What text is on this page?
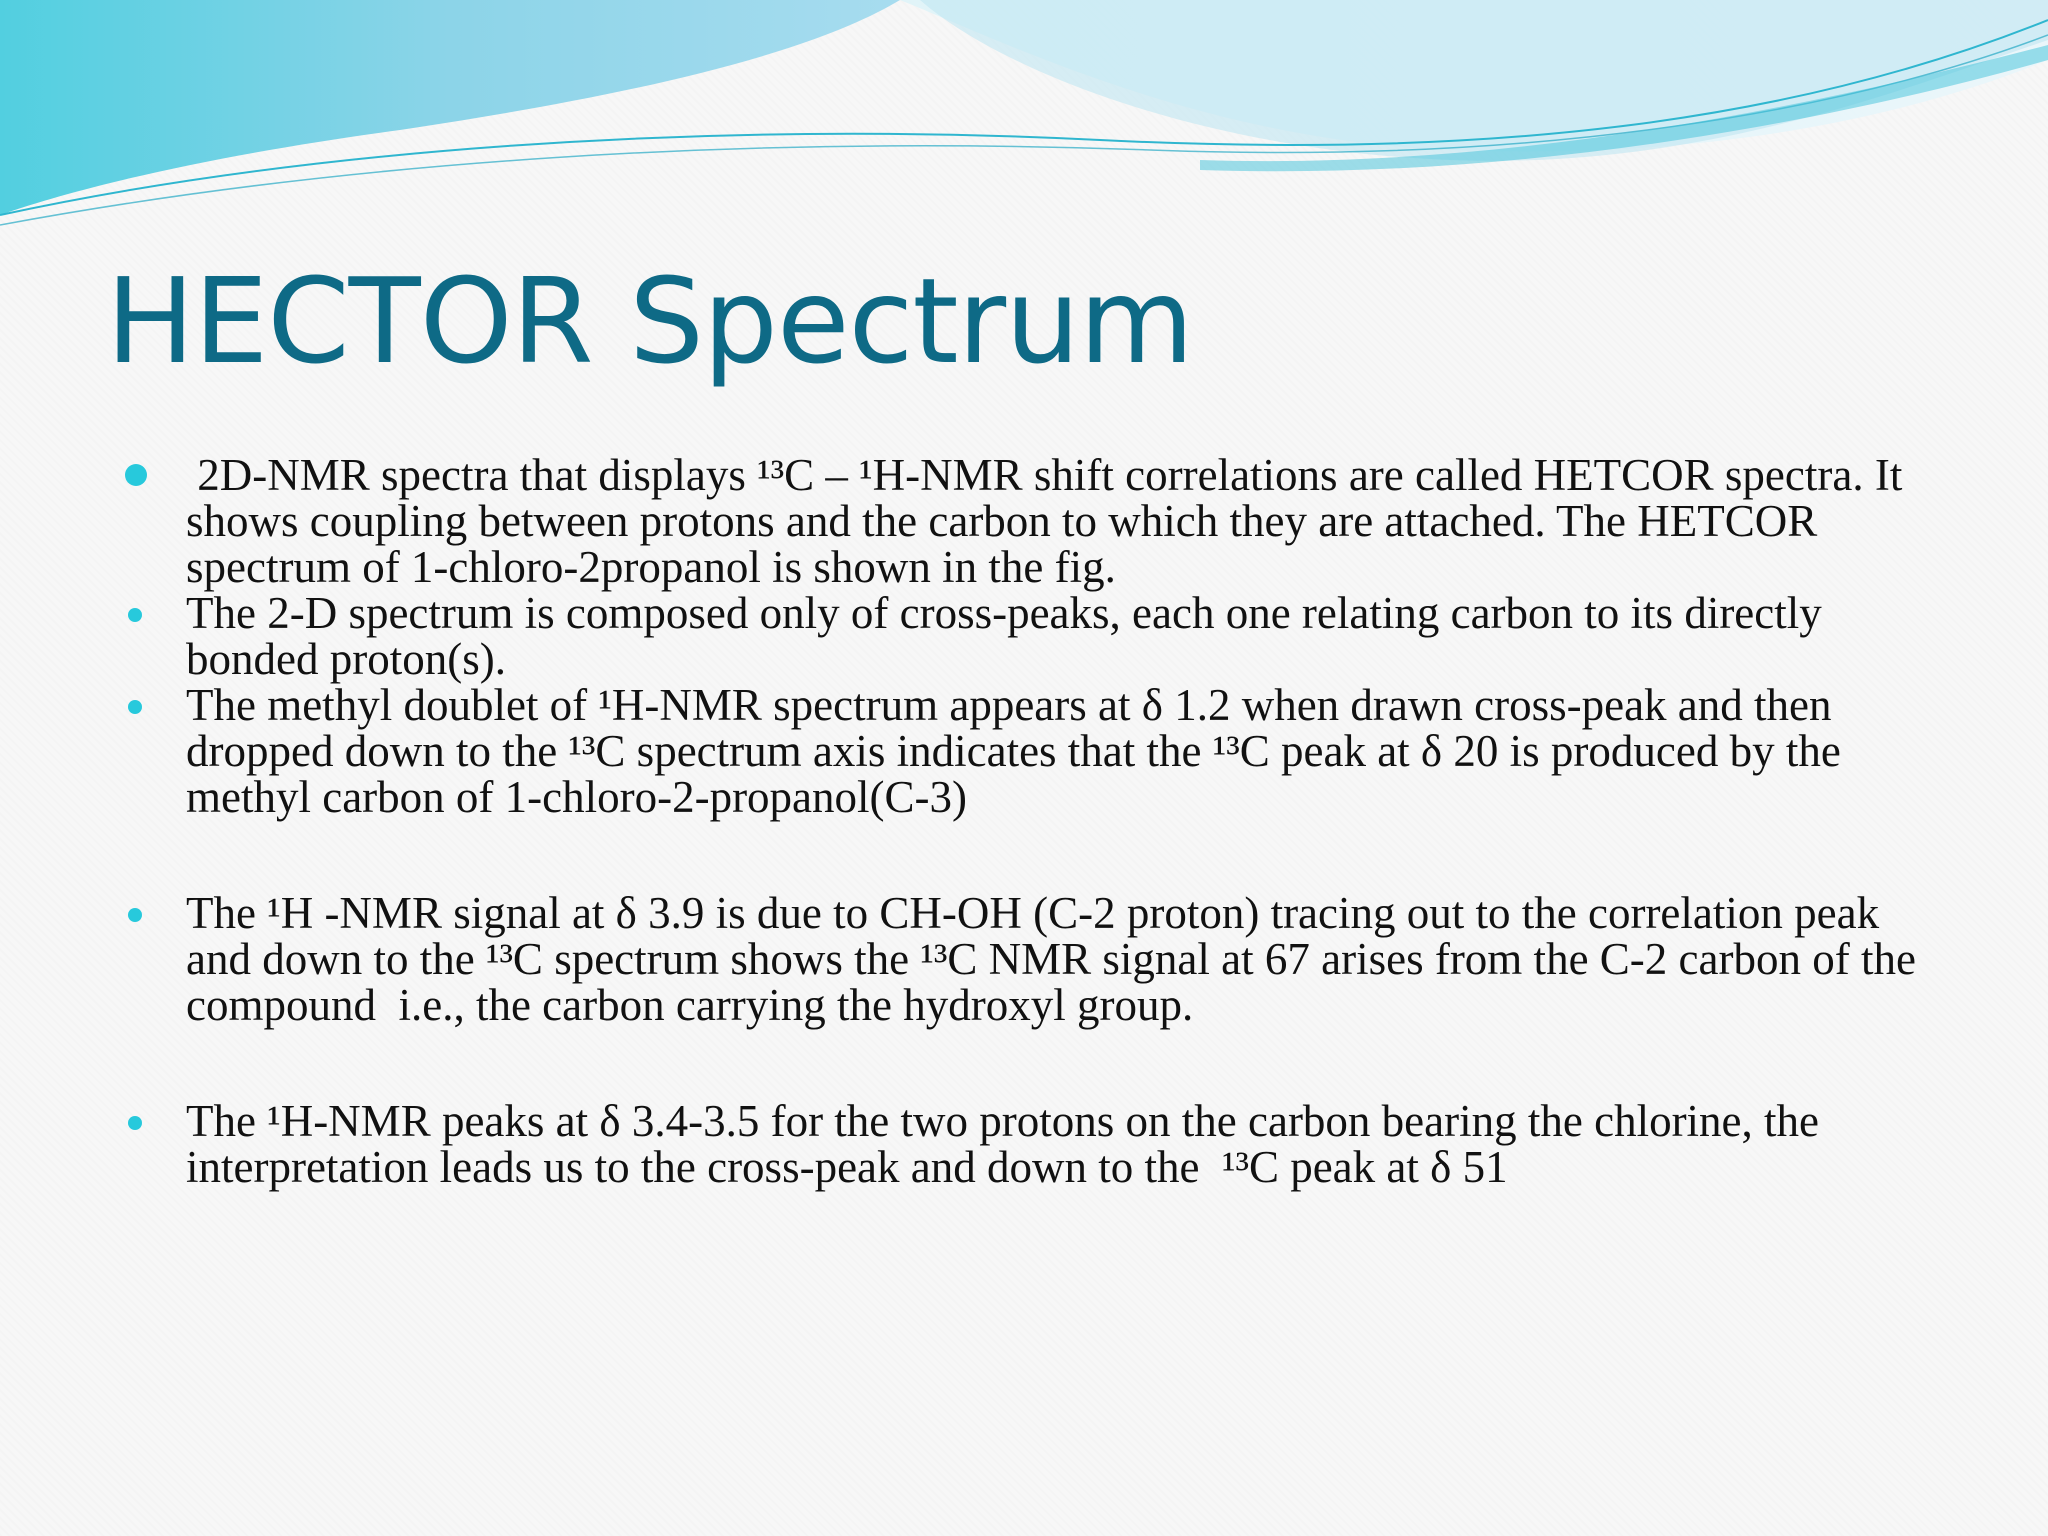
HECTOR Spectrum
2D-NMR spectra that displays ¹³C – ¹H-NMR shift correlations are called HETCOR spectra. It shows coupling between protons and the carbon to which they are attached. The HETCOR spectrum of 1-chloro-2propanol is shown in the fig.
The 2-D spectrum is composed only of cross-peaks, each one relating carbon to its directly bonded proton(s).
The methyl doublet of ¹H-NMR spectrum appears at δ 1.2 when drawn cross-peak and then dropped down to the ¹³C spectrum axis indicates that the ¹³C peak at δ 20 is produced by the methyl carbon of 1-chloro-2-propanol(C-3)
The ¹H -NMR signal at δ 3.9 is due to CH-OH (C-2 proton) tracing out to the correlation peak and down to the ¹³C spectrum shows the ¹³C NMR signal at 67 arises from the C-2 carbon of the compound  i.e., the carbon carrying the hydroxyl group.
The ¹H-NMR peaks at δ 3.4-3.5 for the two protons on the carbon bearing the chlorine, the interpretation leads us to the cross-peak and down to the  ¹³C peak at δ 51
